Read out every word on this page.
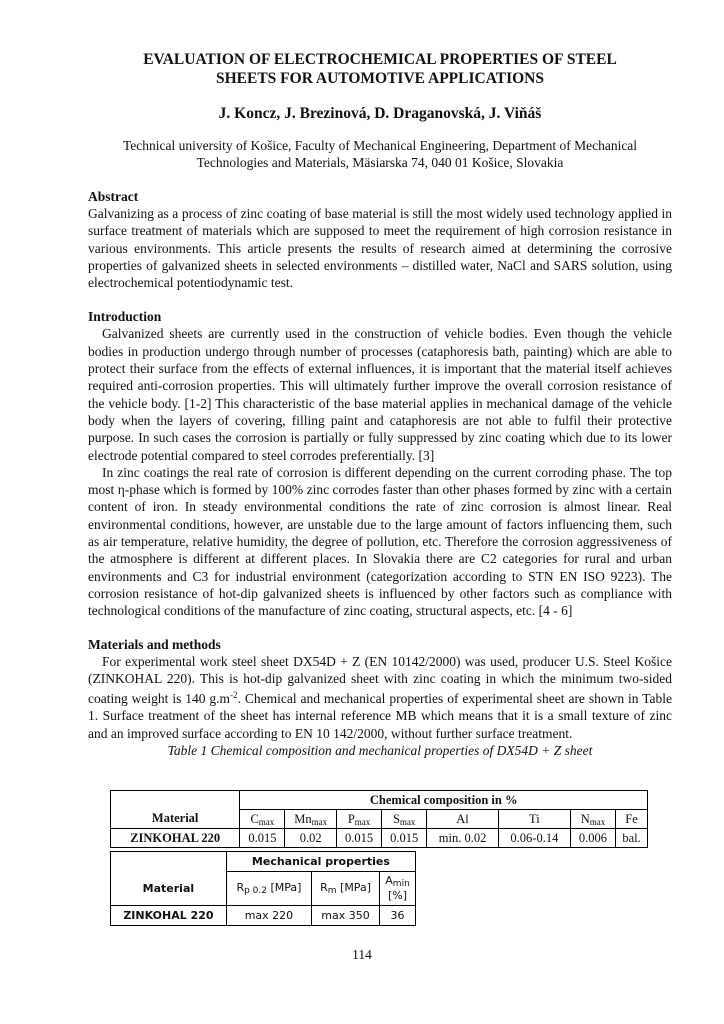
EVALUATION OF ELECTROCHEMICAL PROPERTIES OF STEEL
SHEETS FOR AUTOMOTIVE APPLICATIONS
J. Koncz, J. Brezinová, D. Draganovská, J. Viňáš
Technical university of Košice, Faculty of Mechanical Engineering, Department of Mechanical Technologies and Materials, Mäsiarska 74, 040 01 Košice, Slovakia
Abstract

Galvanizing as a process of zinc coating of base material is still the most widely used technology applied in surface treatment of materials which are supposed to meet the requirement of high corrosion resistance in various environments. This article presents the results of research aimed at determining the corrosive properties of galvanized sheets in selected environments – distilled water, NaCl and SARS solution, using electrochemical potentiodynamic test.

Introduction

Galvanized sheets are currently used in the construction of vehicle bodies. Even though the vehicle bodies in production undergo through number of processes (cataphoresis bath, painting) which are able to protect their surface from the effects of external influences, it is important that the material itself achieves required anti-corrosion properties. This will ultimately further improve the overall corrosion resistance of the vehicle body. [1-2] This characteristic of the base material applies in mechanical damage of the vehicle body when the layers of covering, filling paint and cataphoresis are not able to fulfil their protective purpose. In such cases the corrosion is partially or fully suppressed by zinc coating which due to its lower electrode potential compared to steel corrodes preferentially. [3]

In zinc coatings the real rate of corrosion is different depending on the current corroding phase. The top most η-phase which is formed by 100% zinc corrodes faster than other phases formed by zinc with a certain content of iron. In steady environmental conditions the rate of zinc corrosion is almost linear. Real environmental conditions, however, are unstable due to the large amount of factors influencing them, such as air temperature, relative humidity, the degree of pollution, etc. Therefore the corrosion aggressiveness of the atmosphere is different at different places. In Slovakia there are C2 categories for rural and urban environments and C3 for industrial environment (categorization according to STN EN ISO 9223). The corrosion resistance of hot-dip galvanized sheets is influenced by other factors such as compliance with technological conditions of the manufacture of zinc coating, structural aspects, etc. [4 - 6]

Materials and methods

For experimental work steel sheet DX54D + Z (EN 10142/2000) was used, producer U.S. Steel Košice (ZINKOHAL 220). This is hot-dip galvanized sheet with zinc coating in which the minimum two-sided coating weight is 140 $g.m^{-2}$. Chemical and mechanical properties of experimental sheet are shown in Table 1. Surface treatment of the sheet has internal reference MB which means that it is a small texture of zinc and an improved surface according to EN 10 142/2000, without further surface treatment.

Table 1 Chemical composition and mechanical properties of DX54D + Z sheet
	Chemical composition in %							
Material	$C_{max}$	$Mn_{max}$	$P_{max}$	$S_{max}$	Al	Ti	$N_{max}$	Fe
ZINKOHAL 220	0.015	0.02	0.015	0.015	min. 0.02	0.06-0.14	0.006	bal.
	Mechanical properties		
Material	$R_{p 0.2}$ [MPa]	$R_m$ [MPa]	$A_{min}$
[%]
ZINKOHAL 220	max 220	max 350	36
114
